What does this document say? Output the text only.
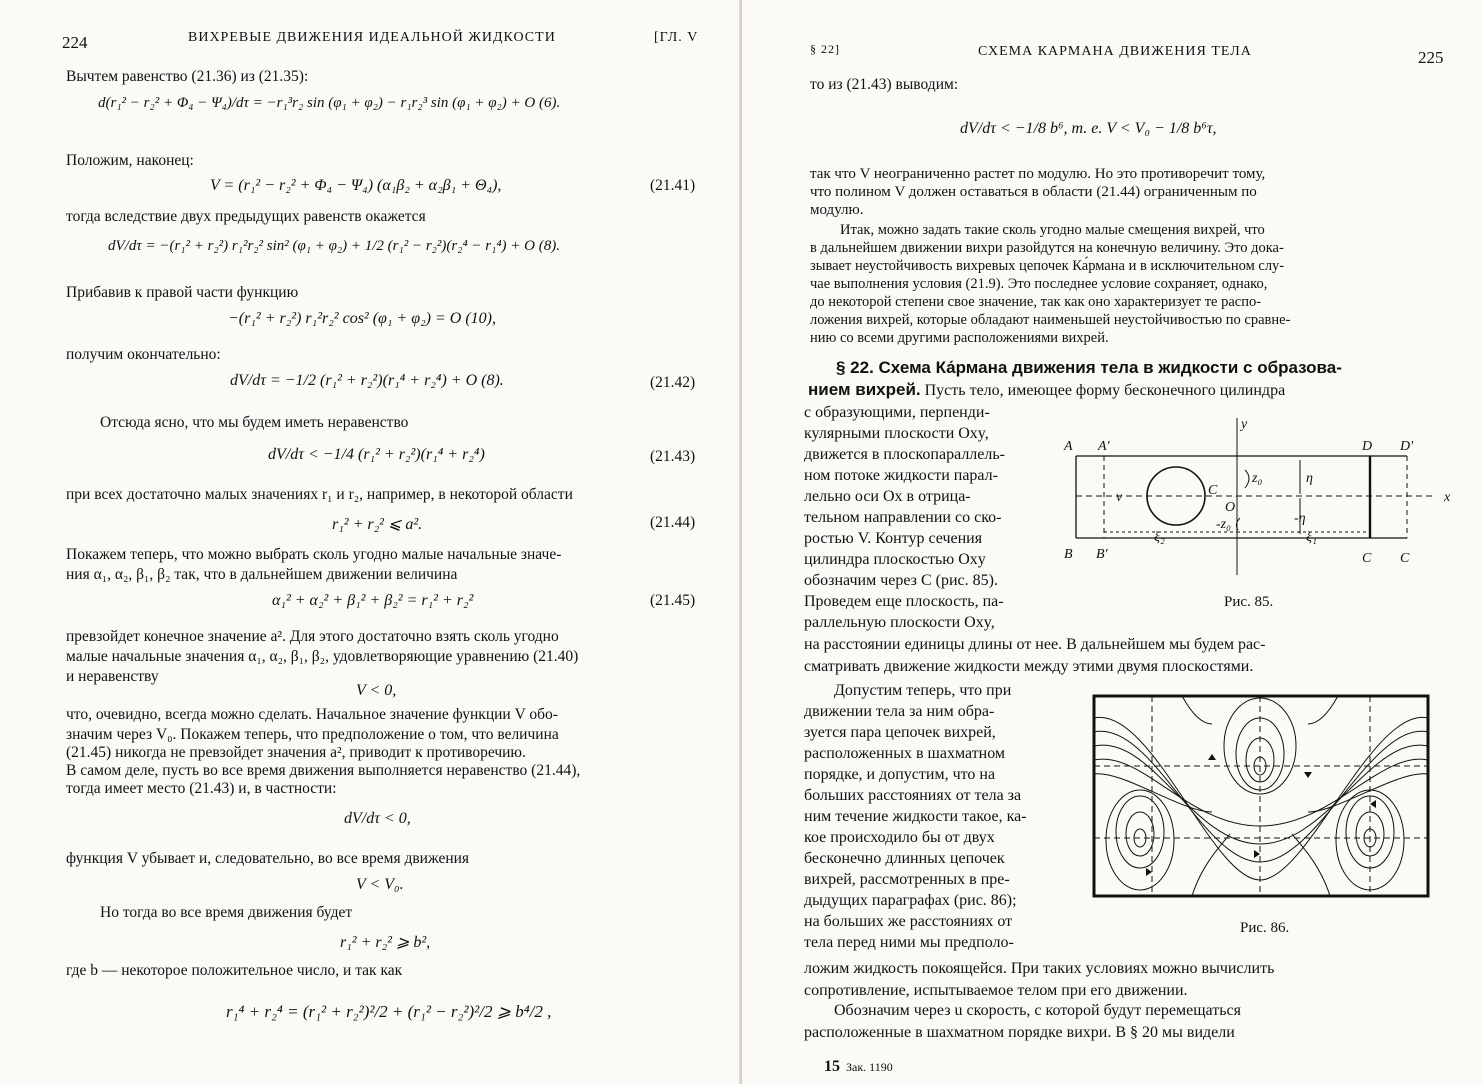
224	ВИХРЕВЫЕ ДВИЖЕНИЯ ИДЕАЛЬНОЙ ЖИДКОСТИ	[ГЛ. V
Вычтем равенство (21.36) из (21.35):
d(r₁² − r₂² + Φ₄ − Ψ₄)/dτ = −r₁³r₂ sin (φ₁ + φ₂) − r₁r₂³ sin (φ₁ + φ₂) + O (6).
Положим, наконец:
V = (r₁² − r₂² + Φ₄ − Ψ₄) (α₁β₂ + α₂β₁ + Θ₄),	(21.41)
тогда вследствие двух предыдущих равенств окажется
dV/dτ = −(r₁² + r₂²) r₁²r₂² sin² (φ₁ + φ₂) + 1/2 (r₁² − r₂²)(r₂⁴ − r₁⁴) + O (8).
Прибавив к правой части функцию
−(r₁² + r₂²) r₁²r₂² cos² (φ₁ + φ₂) = O (10),
получим окончательно:
dV/dτ = −1/2 (r₁² + r₂²)(r₁⁴ + r₂⁴) + O (8).	(21.42)
Отсюда ясно, что мы будем иметь неравенство
dV/dτ < −1/4 (r₁² + r₂²)(r₁⁴ + r₂⁴)	(21.43)
при всех достаточно малых значениях r₁ и r₂, например, в некоторой области
r₁² + r₂² ⩽ a².	(21.44)
Покажем теперь, что можно выбрать сколь угодно малые начальные значе-
ния α₁, α₂, β₁, β₂ так, что в дальнейшем движении величина
α₁² + α₂² + β₁² + β₂² = r₁² + r₂²	(21.45)
превзойдет конечное значение a². Для этого достаточно взять сколь угодно
малые начальные значения α₁, α₂, β₁, β₂, удовлетворяющие уравнению (21.40)
и неравенству
V < 0,
что, очевидно, всегда можно сделать. Начальное значение функции V обо-
значим через V₀. Покажем теперь, что предположение о том, что величина
(21.45) никогда не превзойдет значения a², приводит к противоречию.
В самом деле, пусть во все время движения выполняется неравенство (21.44),
тогда имеет место (21.43) и, в частности:
dV/dτ < 0,
функция V убывает и, следовательно, во все время движения
V < V₀.
Но тогда во все время движения будет
r₁² + r₂² ⩾ b²,
где b — некоторое положительное число, и так как
r₁⁴ + r₂⁴ = (r₁² + r₂²)²/2 + (r₁² − r₂²)²/2 ⩾ b⁴/2 ,
§ 22]	СХЕМА КАРМАНА ДВИЖЕНИЯ ТЕЛА	225
то из (21.43) выводим:
dV/dτ < −1/8 b⁶, т. е. V < V₀ − 1/8 b⁶τ,
так что V неограниченно растет по модулю. Но это противоречит тому,
что полином V должен оставаться в области (21.44) ограниченным по
модулю.
Итак, можно задать такие сколь угодно малые смещения вихрей, что
в дальнейшем движении вихри разойдутся на конечную величину. Это дока-
зывает неустойчивость вихревых цепочек Ка́рмана и в исключительном слу-
чае выполнения условия (21.9). Это последнее условие сохраняет, однако,
до некоторой степени свое значение, так как оно характеризует те распо-
ложения вихрей, которые обладают наименьшей неустойчивостью по сравне-
нию со всеми другими расположениями вихрей.
§ 22. Схема Ка́рмана движения тела в жидкости с образова-
нием вихрей. Пусть тело, имеющее форму бесконечного цилиндра
на расстоянии единицы длины от нее. В дальнейшем мы будем рас-
сматривать движение жидкости между этими двумя плоскостями.
ложим жидкость покоящейся. При таких условиях можно вычислить
сопротивление, испытываемое телом при его движении.
Обозначим через u скорость, с которой будут перемещаться
расположенные в шахматном порядке вихри. В § 20 мы видели
15 Зак. 1190
y
A A'	D D'
B B'	C C
x
v	C
O
z₀
-z₀
η
-η
ξ₂	ξ₁
Рис. 85.
Рис. 86.
с образующими, перпенди-
кулярными плоскости Oxy,
движется в плоскопараллель-
ном потоке жидкости парал-
лельно оси Ox в отрица-
тельном направлении со ско-
ростью V. Контур сечения
цилиндра плоскостью Oxy
обозначим через C (рис. 85).
Проведем еще плоскость, па-
раллельную плоскости Oxy,
Допустим теперь, что при
движении тела за ним обра-
зуется пара цепочек вихрей,
расположенных в шахматном
порядке, и допустим, что на
больших расстояниях от тела за
ним течение жидкости такое, ка-
кое происходило бы от двух
бесконечно длинных цепочек
вихрей, рассмотренных в пре-
дыдущих параграфах (рис. 86);
на больших же расстояниях от
тела перед ними мы предполо-
